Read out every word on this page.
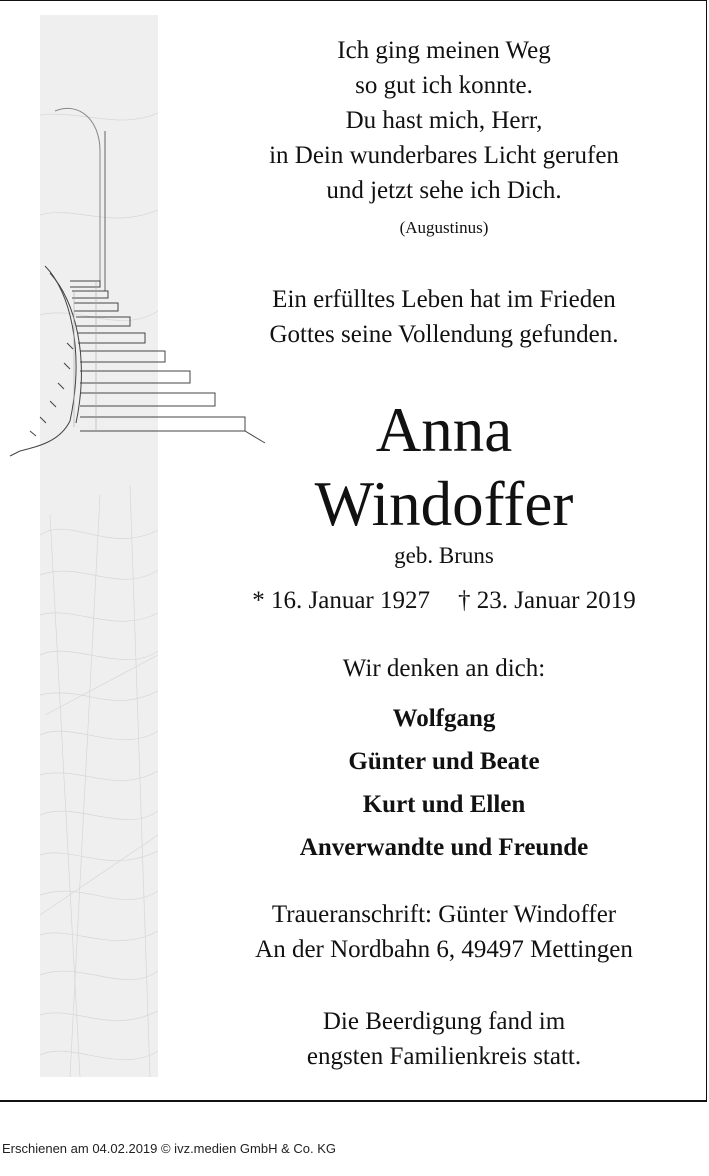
Ich ging meinen Weg
so gut ich konnte.
Du hast mich, Herr,
in Dein wunderbares Licht gerufen
und jetzt sehe ich Dich.
(Augustinus)
Ein erfülltes Leben hat im Frieden
Gottes seine Vollendung gefunden.
Anna
Windoffer
geb. Bruns
* 16. Januar 1927 † 23. Januar 2019
Wir denken an dich:
Wolfgang
Günter und Beate
Kurt und Ellen
Anverwandte und Freunde
Traueranschrift: Günter Windoffer
An der Nordbahn 6, 49497 Mettingen
Die Beerdigung fand im
engsten Familienkreis statt.
Erschienen am 04.02.2019 © ivz.medien GmbH & Co. KG
